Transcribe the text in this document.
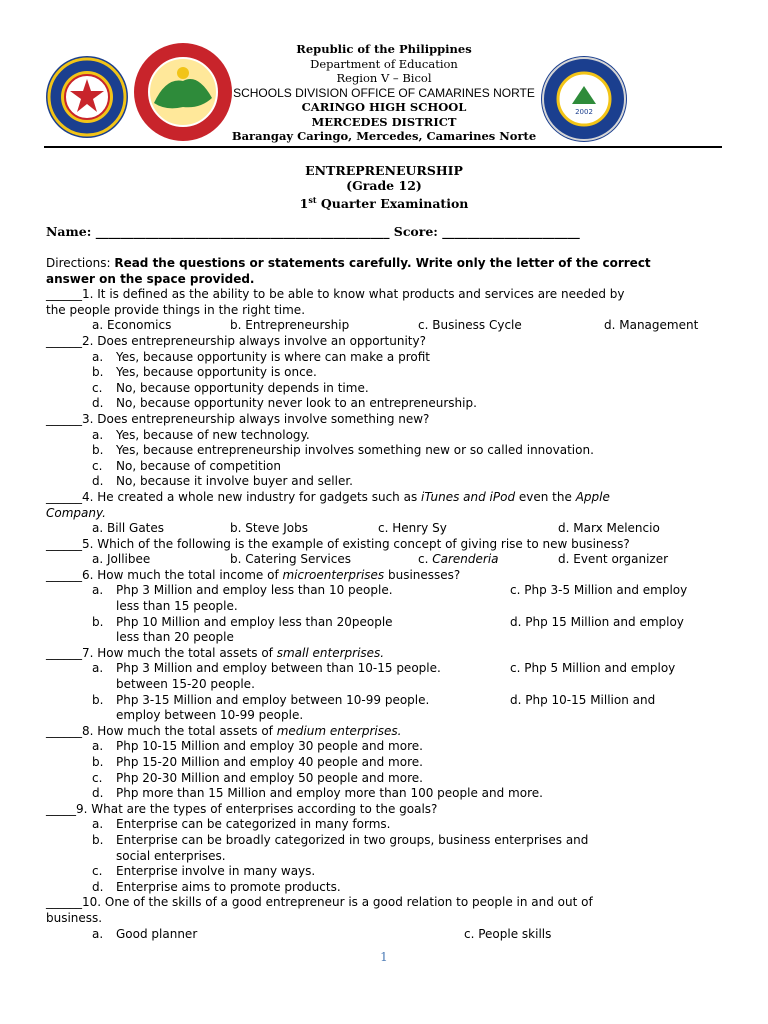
2002
Republic of the Philippines
Department of Education
Region V – Bicol
SCHOOLS DIVISION OFFICE OF CAMARINES NORTE
CARINGO HIGH SCHOOL
MERCEDES DISTRICT
Barangay Caringo, Mercedes, Camarines Norte
ENTREPRENEURSHIP
(Grade 12)
1st Quarter Examination
Name: _______________________________________________ Score: ______________________
Directions: Read the questions or statements carefully. Write only the letter of the correct
answer on the space provided.
______1. It is defined as the ability to be able to know what products and services are needed by
the people provide things in the right time.
a. Economics	b. Entrepreneurship	c. Business Cycle	d. Management
______2. Does entrepreneurship always involve an opportunity?
a. Yes, because opportunity is where can make a profit
b. Yes, because opportunity is once.
c. No, because opportunity depends in time.
d. No, because opportunity never look to an entrepreneurship.
______3. Does entrepreneurship always involve something new?
a. Yes, because of new technology.
b. Yes, because entrepreneurship involves something new or so called innovation.
c. No, because of competition
d. No, because it involve buyer and seller.
______4. He created a whole new industry for gadgets such as iTunes and iPod even the Apple
Company.
a. Bill Gates	b. Steve Jobs	c. Henry Sy	d. Marx Melencio
______5. Which of the following is the example of existing concept of giving rise to new business?
a. Jollibee	b. Catering Services	c. Carenderia	d. Event organizer
______6. How much the total income of microenterprises businesses?
a. Php 3 Million and employ less than 10 people.	c. Php 3-5 Million and employ
less than 15 people.
b. Php 10 Million and employ less than 20people	d. Php 15 Million and employ
less than 20 people
______7. How much the total assets of small enterprises.
a. Php 3 Million and employ between than 10-15 people.	c. Php 5 Million and employ
between 15-20 people.
b. Php 3-15 Million and employ between 10-99 people.	d. Php 10-15 Million and
employ between 10-99 people.
______8. How much the total assets of medium enterprises.
a. Php 10-15 Million and employ 30 people and more.
b. Php 15-20 Million and employ 40 people and more.
c. Php 20-30 Million and employ 50 people and more.
d. Php more than 15 Million and employ more than 100 people and more.
_____9. What are the types of enterprises according to the goals?
a. Enterprise can be categorized in many forms.
b. Enterprise can be broadly categorized in two groups, business enterprises and
social enterprises.
c. Enterprise involve in many ways.
d. Enterprise aims to promote products.
______10. One of the skills of a good entrepreneur is a good relation to people in and out of
business.
a. Good planner	c. People skills
1
